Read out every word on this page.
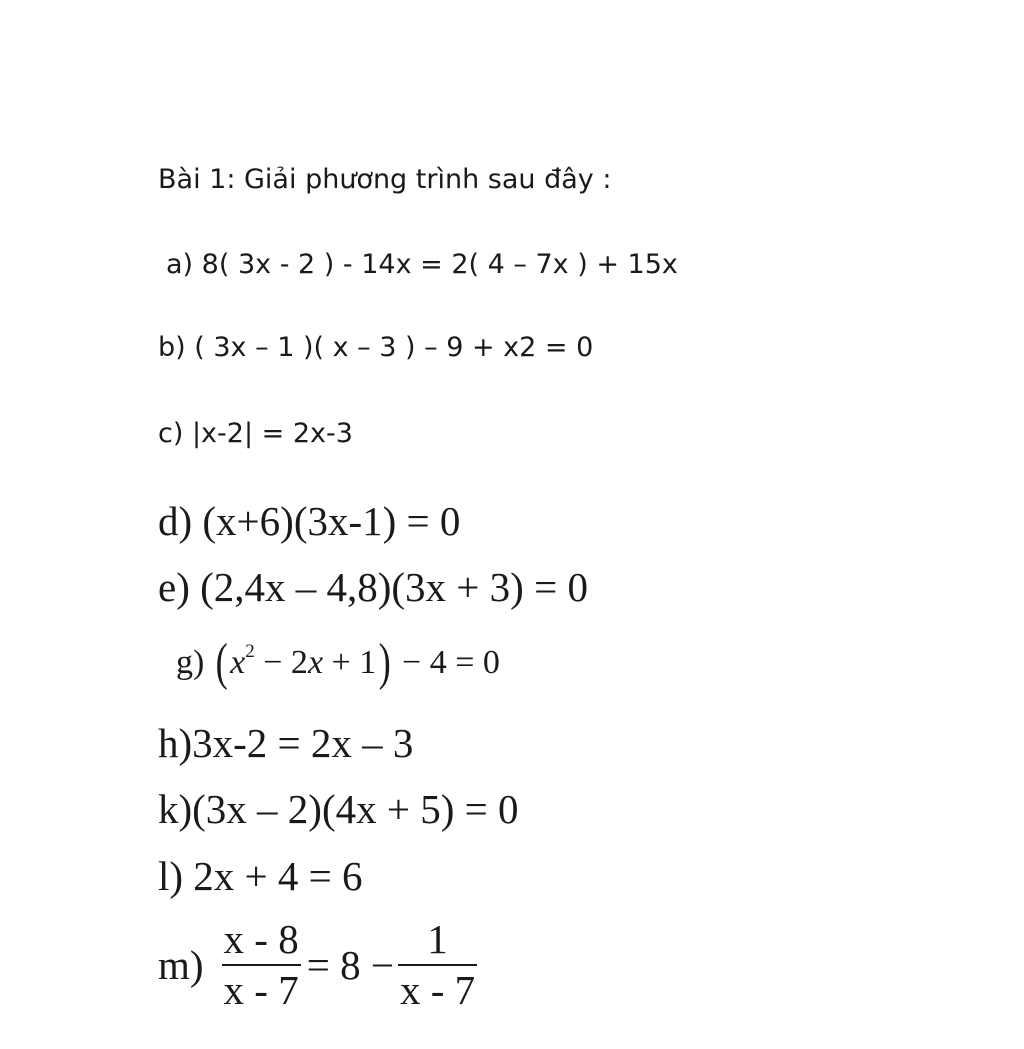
Bài 1: Giải phương trình sau đây :
a) 8( 3x - 2 ) - 14x = 2( 4 – 7x ) + 15x
b) ( 3x – 1 )( x – 3 ) – 9 + x2 = 0
c) |x-2| = 2x-3
d) (x+6)(3x-1) = 0
e) (2,4x – 4,8)(3x + 3) = 0
g) $(x^2 - 2x + 1) - 4 = 0$
h)3x-2 = 2x – 3
k)(3x – 2)(4x + 5) = 0
l) 2x + 4 = 6
$m) \frac{x - 8}{x - 7} = 8 - \frac{1}{x - 7}$
